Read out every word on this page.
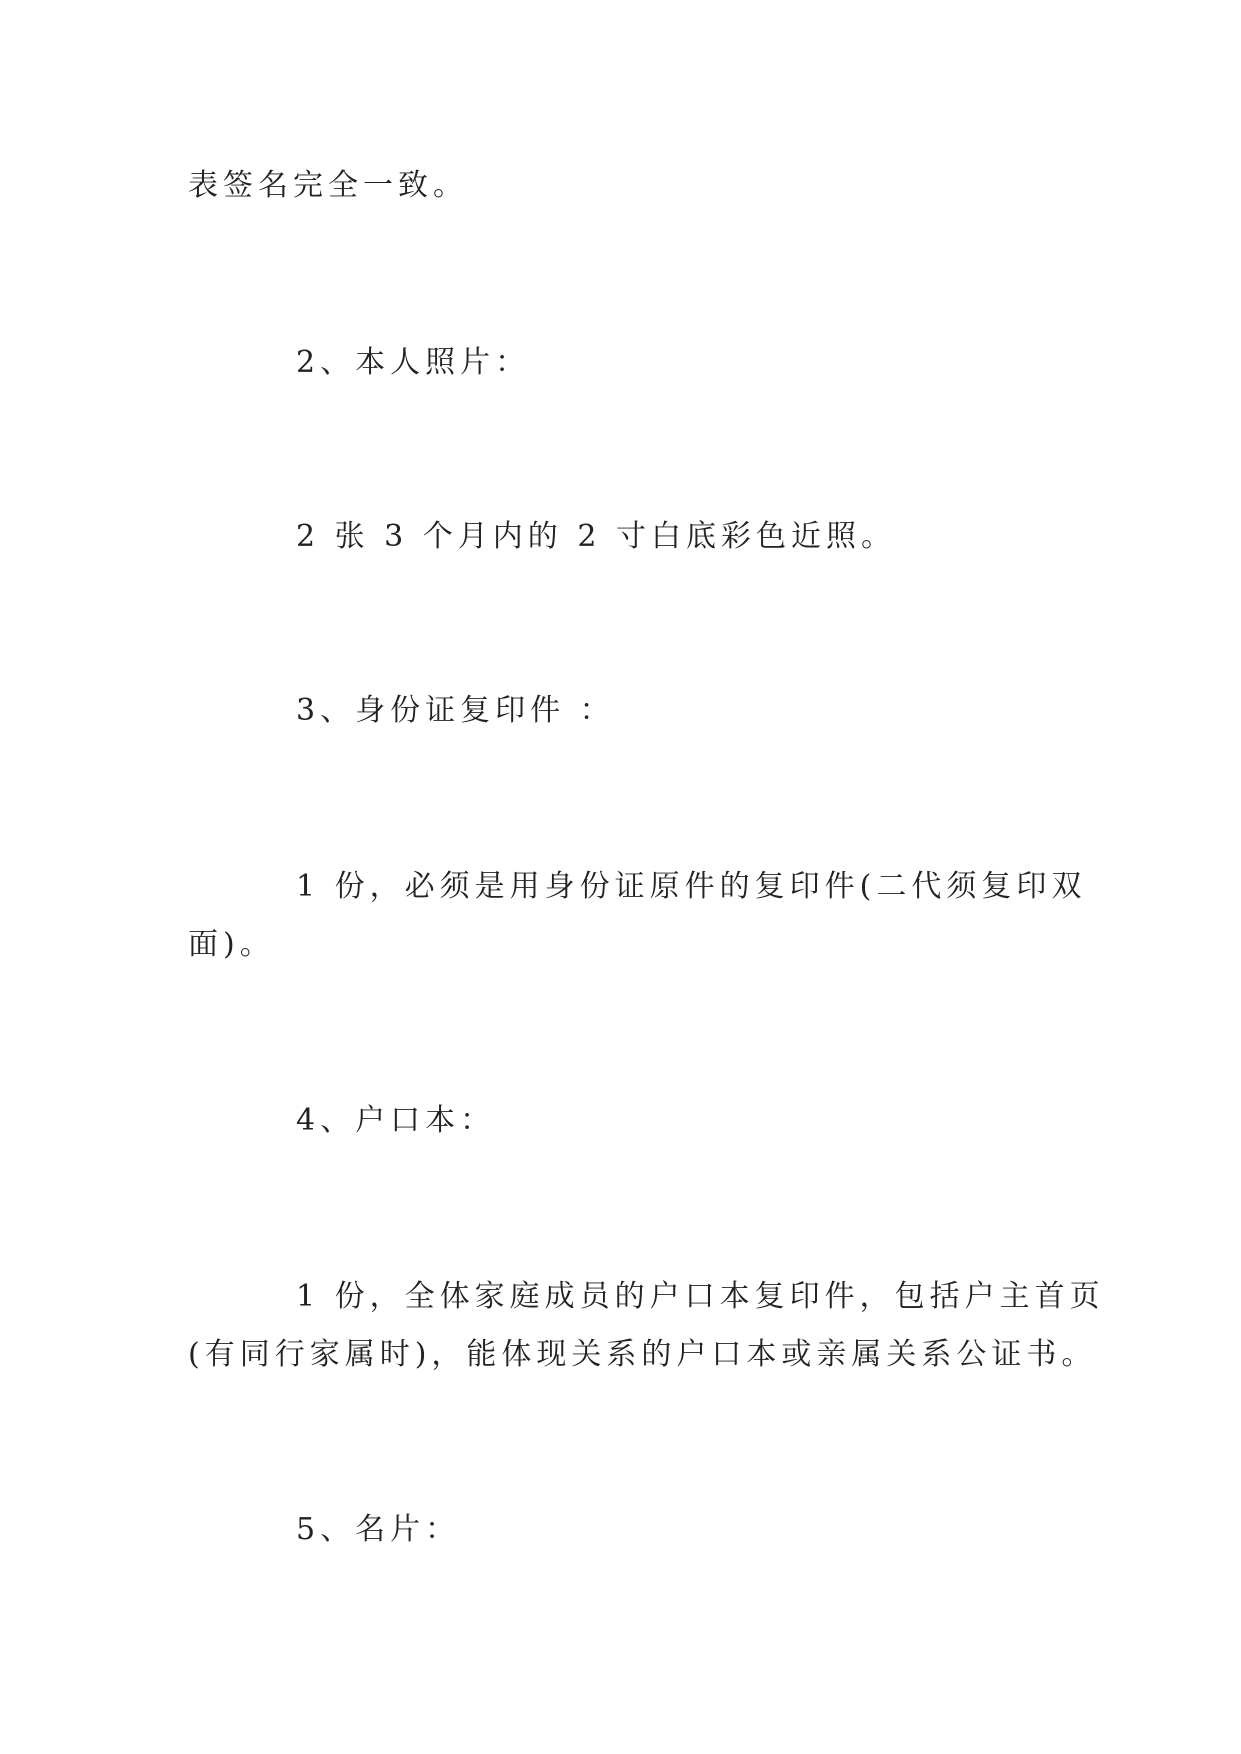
表签名完全一致。
2、本人照片：
2 张 3 个月内的 2 寸白底彩色近照。
3、身份证复印件 ：
1 份，必须是用身份证原件的复印件(二代须复印双
面)。
4、户口本：
1 份，全体家庭成员的户口本复印件，包括户主首页
(有同行家属时)，能体现关系的户口本或亲属关系公证书。
5、名片：
